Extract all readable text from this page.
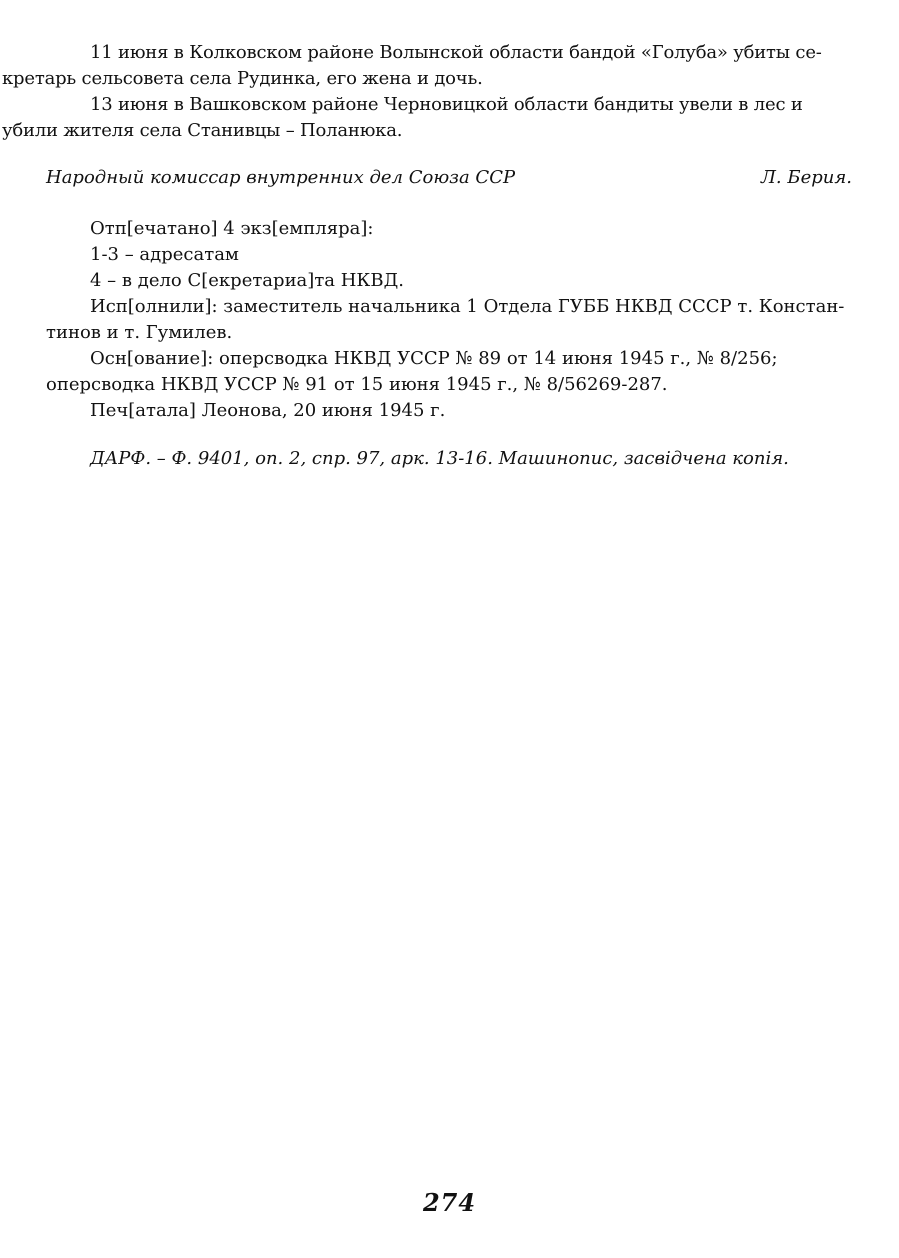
11 июня в Колковском районе Волынской области бандой «Голуба» убиты се-
кретарь сельсовета села Рудинка, его жена и дочь.

13 июня в Вашковском районе Черновицкой области бандиты увели в лес и
убили жителя села Станивцы – Поланюка.

Народный комиссар внутренних дел Союза ССР	Л. Берия.
Отп[ечатано] 4 экз[емпляра]:
1-3 – адресатам
4 – в дело С[екретариа]та НКВД.
Исп[олнили]: заместитель начальника 1 Отдела ГУББ НКВД СССР т. Констан-
тинов и т. Гумилев.
Осн[ование]: оперсводка НКВД УССР № 89 от 14 июня 1945 г., № 8/256;
оперсводка НКВД УССР № 91 от 15 июня 1945 г., № 8/56269-287.
Печ[атала] Леонова, 20 июня 1945 г.
ДАРФ. – Ф. 9401, оп. 2, спр. 97, арк. 13-16. Машинопис, засвідчена копія.
274
